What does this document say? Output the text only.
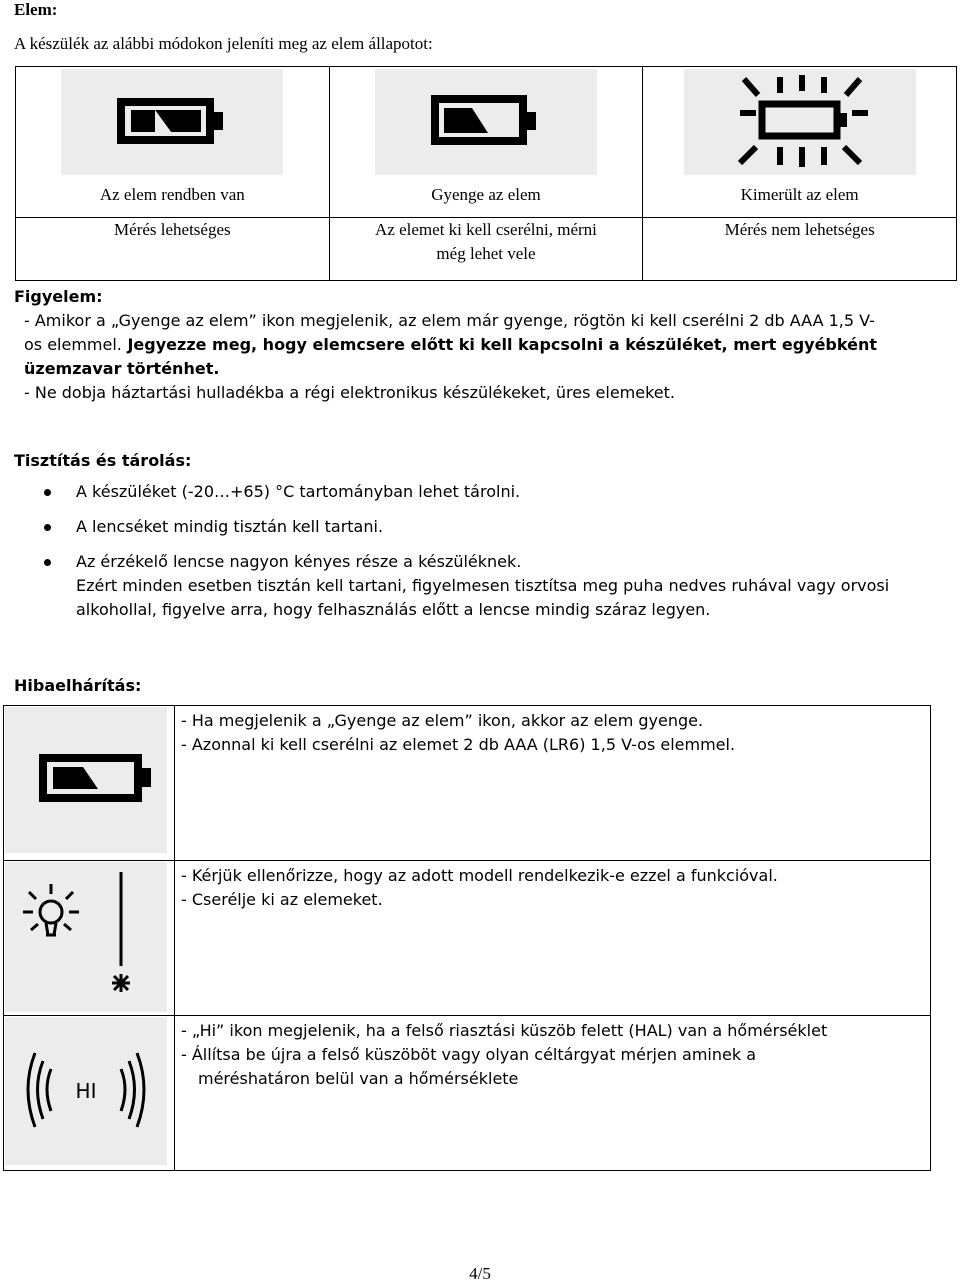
Elem:
A készülék az alábbi módokon jeleníti meg az elem állapotot:
Az elem rendben van	Gyenge az elem	Kimerült az elem

Mérés lehetséges	Az elemet ki kell cserélni, mérni még lehet vele	Mérés nem lehetséges
Figyelem:
- Amikor a „Gyenge az elem” ikon megjelenik, az elem már gyenge, rögtön ki kell cserélni 2 db AAA 1,5 V-
os elemmel. Jegyezze meg, hogy elemcsere előtt ki kell kapcsolni a készüléket, mert egyébként
üzemzavar történhet.
- Ne dobja háztartási hulladékba a régi elektronikus készülékeket, üres elemeket.
Tisztítás és tárolás:
A készüléket (-20…+65) °C tartományban lehet tárolni.
A lencséket mindig tisztán kell tartani.
Az érzékelő lencse nagyon kényes része a készüléknek.
Ezért minden esetben tisztán kell tartani, figyelmesen tisztítsa meg puha nedves ruhával vagy orvosi
alkohollal, figyelve arra, hogy felhasználás előtt a lencse mindig száraz legyen.
Hibaelhárítás:

- Ha megjelenik a „Gyenge az elem” ikon, akkor az elem gyenge.
- Azonnal ki kell cserélni az elemet 2 db AAA (LR6) 1,5 V-os elemmel.

- Kérjük ellenőrizze, hogy az adott modell rendelkezik-e ezzel a funkcióval.
- Cserélje ki az elemeket.

HI	- „Hi” ikon megjelenik, ha a felső riasztási küszöb felett (HAL) van a hőmérséklet
- Állítsa be újra a felső küszöböt vagy olyan céltárgyat mérjen aminek a
méréshatáron belül van a hőmérséklete
4/5
